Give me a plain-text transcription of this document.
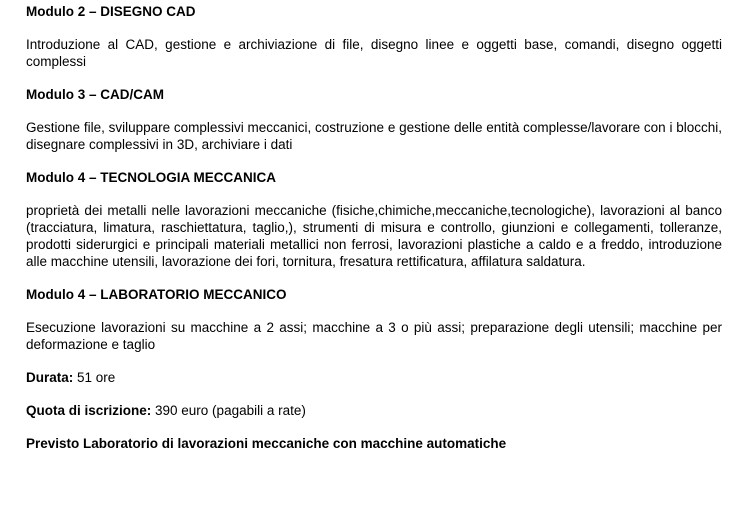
Modulo 2 – DISEGNO CAD

Introduzione al CAD, gestione e archiviazione di file, disegno linee e oggetti base, comandi, disegno oggetti complessi

Modulo 3 – CAD/CAM

Gestione file, sviluppare complessivi meccanici, costruzione e gestione delle entità complesse/lavorare con i blocchi, disegnare complessivi in 3D, archiviare i dati

Modulo 4 – TECNOLOGIA MECCANICA

proprietà dei metalli nelle lavorazioni meccaniche (fisiche,chimiche,meccaniche,tecnologiche), lavorazioni al banco (tracciatura, limatura, raschiettatura, taglio,), strumenti di misura e controllo, giunzioni e collegamenti, tolleranze, prodotti siderurgici e principali materiali metallici non ferrosi, lavorazioni plastiche a caldo e a freddo, introduzione alle macchine utensili, lavorazione dei fori, tornitura, fresatura rettificatura, affilatura saldatura.

Modulo 4 – LABORATORIO MECCANICO

Esecuzione lavorazioni su macchine a 2 assi; macchine a 3 o più assi; preparazione degli utensili; macchine per deformazione e taglio

Durata: 51 ore

Quota di iscrizione: 390 euro (pagabili a rate)

Previsto Laboratorio di lavorazioni meccaniche con macchine automatiche
